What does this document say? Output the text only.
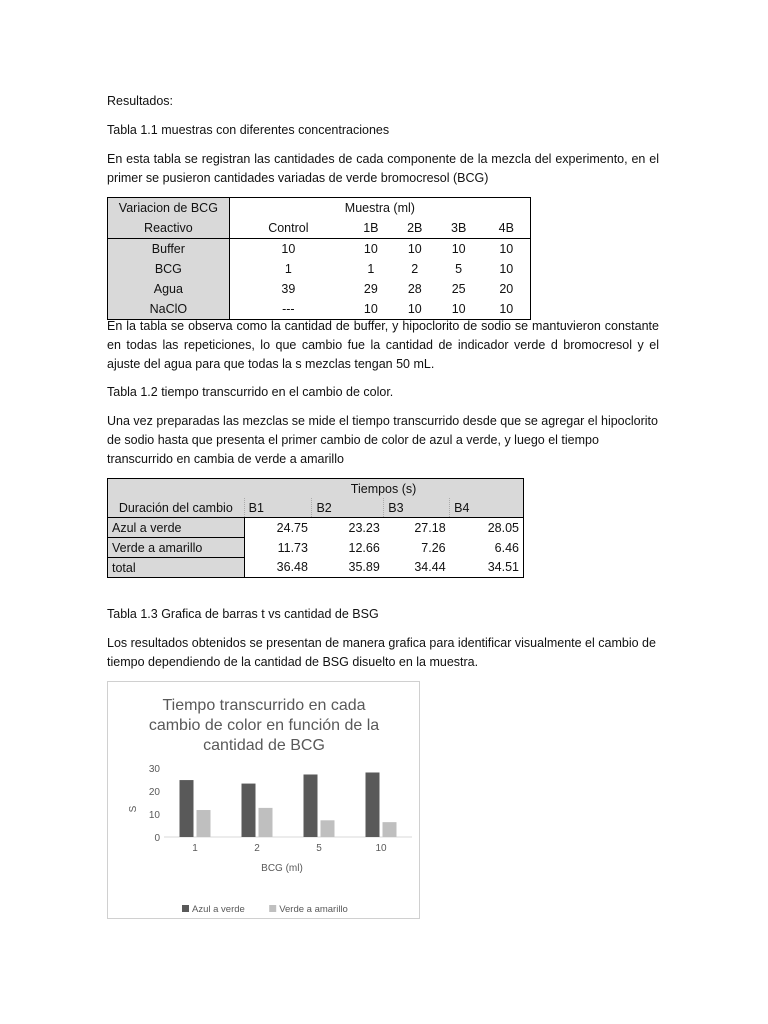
Resultados:

Tabla 1.1 muestras con diferentes concentraciones

En esta tabla se registran las cantidades de cada componente de la mezcla del experimento, en el primer se pusieron cantidades variadas de verde bromocresol (BCG)

Variacion de BCG	Muestra (ml)				
Reactivo	Control	1B	2B	3B	4B
Buffer	10	10	10	10	10
BCG	1	1	2	5	10
Agua	39	29	28	25	20
NaClO	---	10	10	10	10

En la tabla se observa como la cantidad de buffer, y hipoclorito de sodio se mantuvieron constante en todas las repeticiones, lo que cambio fue la cantidad de indicador verde d bromocresol y el ajuste del agua para que todas la s mezclas tengan 50 mL.

Tabla 1.2 tiempo transcurrido en el cambio de color.

Una vez preparadas las mezclas se mide el tiempo transcurrido desde que se agregar el hipoclorito de sodio hasta que presenta el primer cambio de color de azul a verde, y luego el tiempo transcurrido en cambia de verde a amarillo

	Tiempos (s)			
Duración del cambio	B1	B2	B3	B4
Azul a verde	24.75	23.23	27.18	28.05
Verde a amarillo	11.73	12.66	7.26	6.46
total	36.48	35.89	34.44	34.51

Tabla 1.3 Grafica de barras t vs cantidad de BSG

Los resultados obtenidos se presentan de manera grafica para identificar visualmente el cambio de tiempo dependiendo de la cantidad de BSG disuelto en la muestra.

Tiempo transcurrido en cada
cambio de color en función de la
cantidad de BCG
0
10
20
30
S
1	2	5	10
BCG (ml)
Azul a verde	Verde a amarillo
